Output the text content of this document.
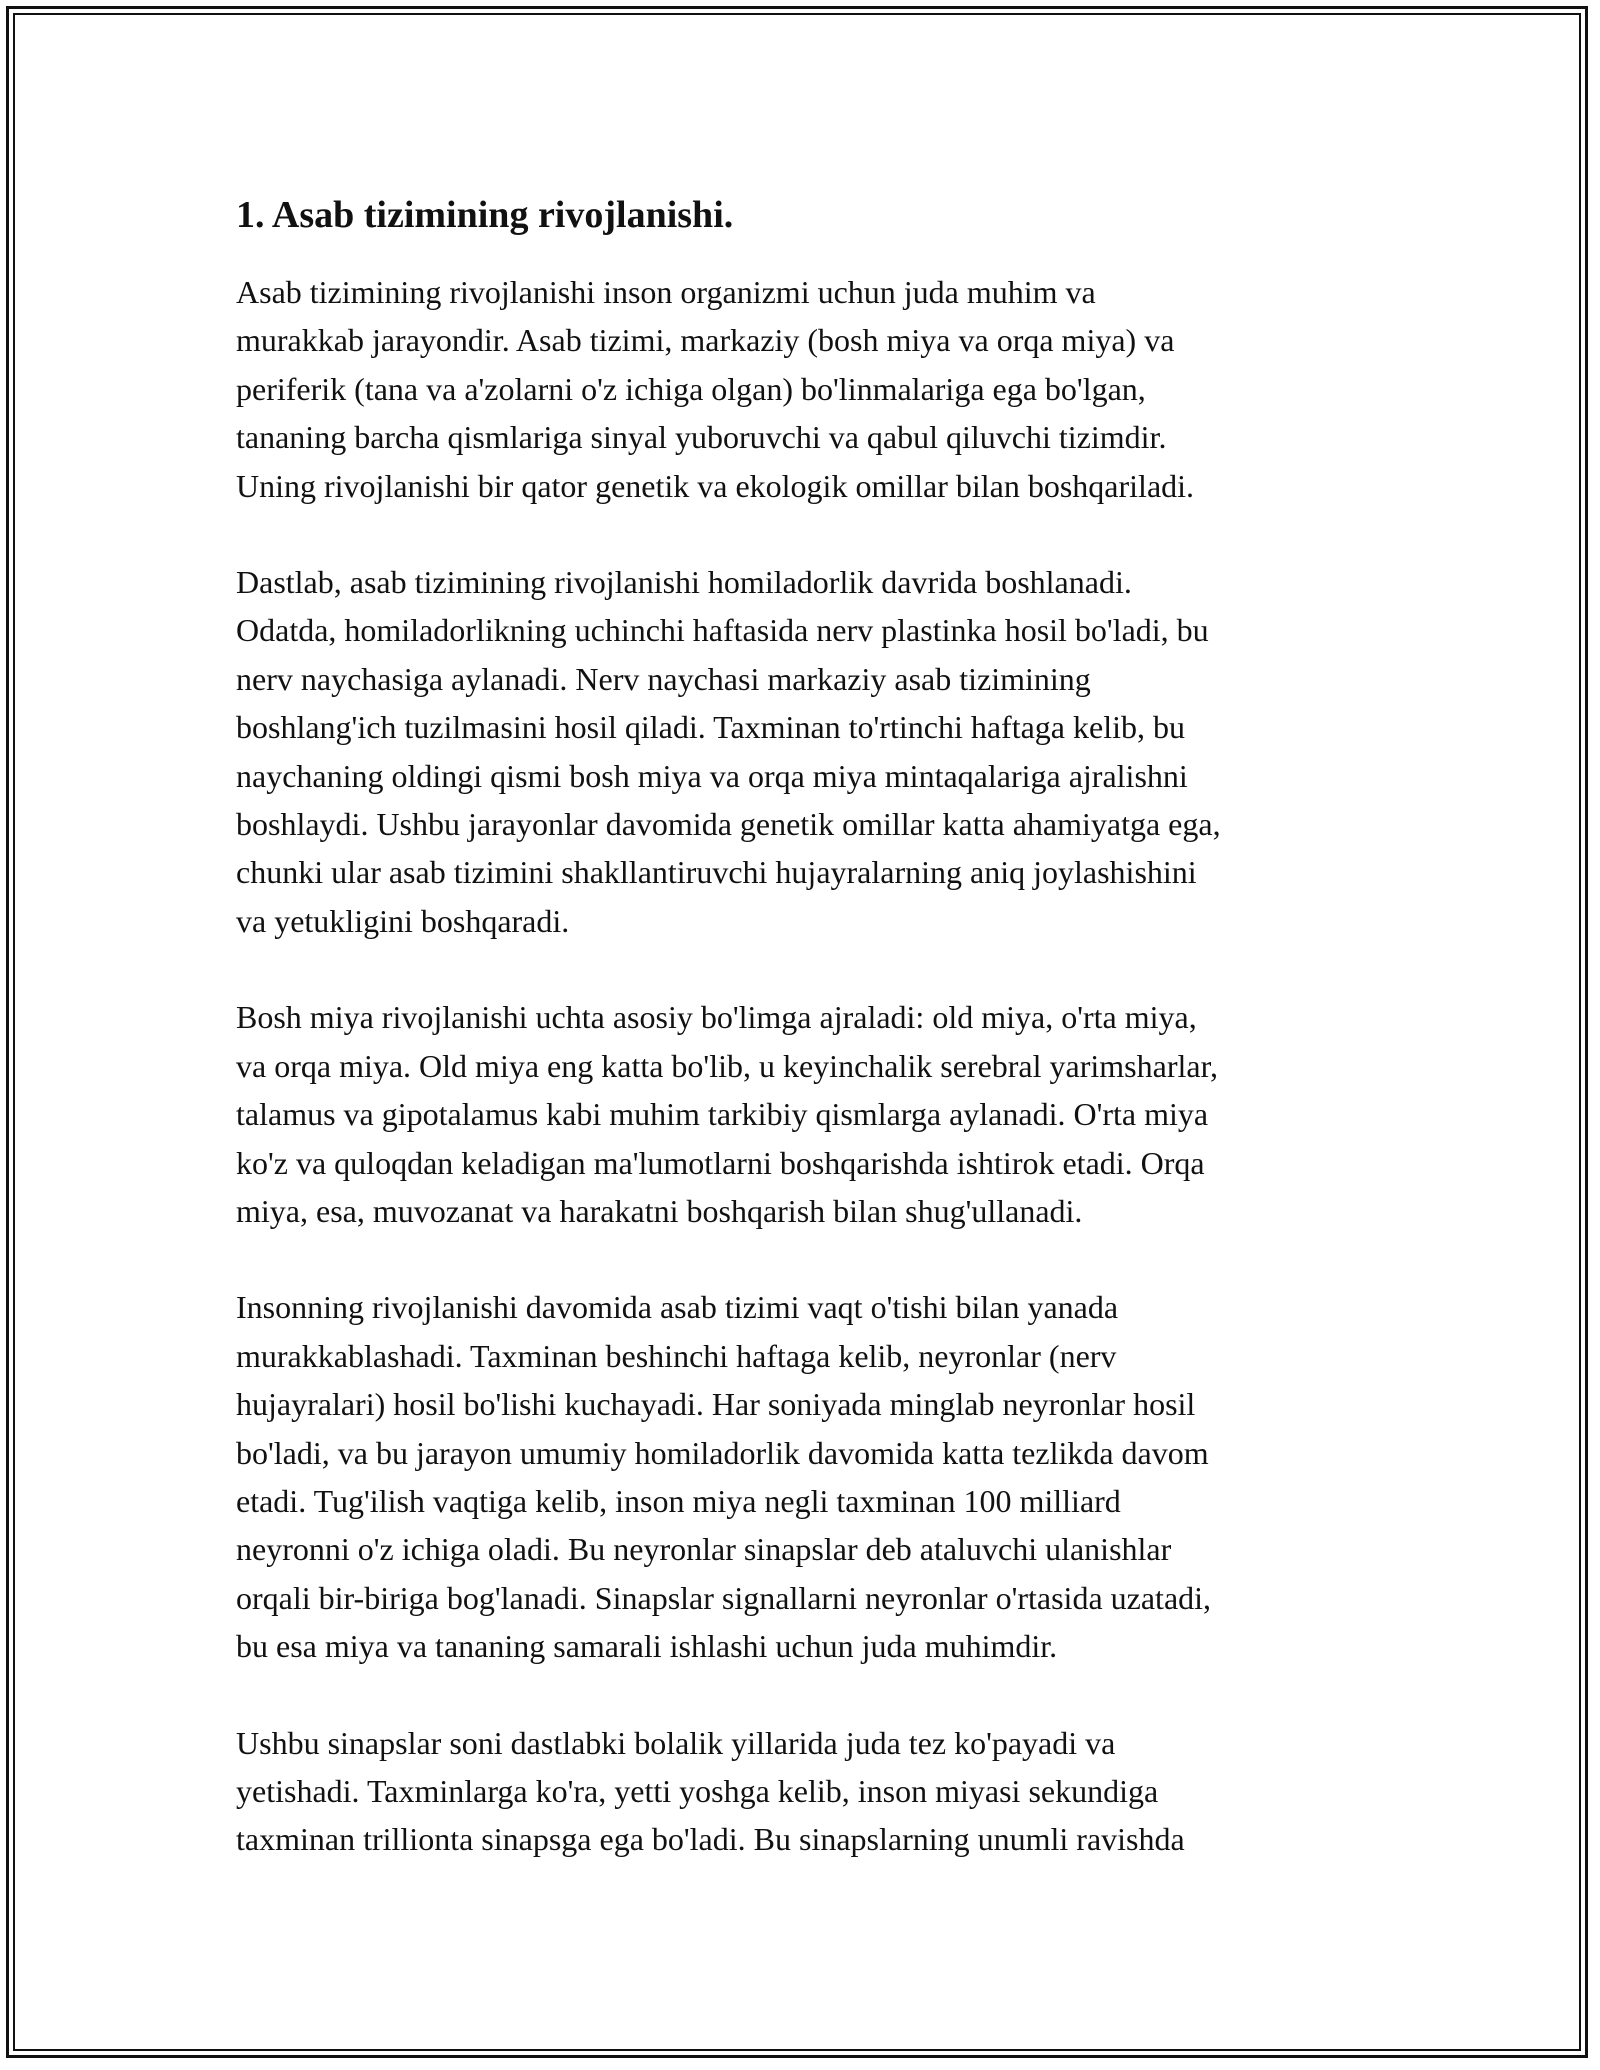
1. Asab tizimining rivojlanishi.

Asab tizimining rivojlanishi inson organizmi uchun juda muhim va
murakkab jarayondir. Asab tizimi, markaziy (bosh miya va orqa miya) va
periferik (tana va a'zolarni o'z ichiga olgan) bo'linmalariga ega bo'lgan,
tananing barcha qismlariga sinyal yuboruvchi va qabul qiluvchi tizimdir.
Uning rivojlanishi bir qator genetik va ekologik omillar bilan boshqariladi.

Dastlab, asab tizimining rivojlanishi homiladorlik davrida boshlanadi.
Odatda, homiladorlikning uchinchi haftasida nerv plastinka hosil bo'ladi, bu
nerv naychasiga aylanadi. Nerv naychasi markaziy asab tizimining
boshlang'ich tuzilmasini hosil qiladi. Taxminan to'rtinchi haftaga kelib, bu
naychaning oldingi qismi bosh miya va orqa miya mintaqalariga ajralishni
boshlaydi. Ushbu jarayonlar davomida genetik omillar katta ahamiyatga ega,
chunki ular asab tizimini shakllantiruvchi hujayralarning aniq joylashishini
va yetukligini boshqaradi.

Bosh miya rivojlanishi uchta asosiy bo'limga ajraladi: old miya, o'rta miya,
va orqa miya. Old miya eng katta bo'lib, u keyinchalik serebral yarimsharlar,
talamus va gipotalamus kabi muhim tarkibiy qismlarga aylanadi. O'rta miya
ko'z va quloqdan keladigan ma'lumotlarni boshqarishda ishtirok etadi. Orqa
miya, esa, muvozanat va harakatni boshqarish bilan shug'ullanadi.

Insonning rivojlanishi davomida asab tizimi vaqt o'tishi bilan yanada
murakkablashadi. Taxminan beshinchi haftaga kelib, neyronlar (nerv
hujayralari) hosil bo'lishi kuchayadi. Har soniyada minglab neyronlar hosil
bo'ladi, va bu jarayon umumiy homiladorlik davomida katta tezlikda davom
etadi. Tug'ilish vaqtiga kelib, inson miya negli taxminan 100 milliard
neyronni o'z ichiga oladi. Bu neyronlar sinapslar deb ataluvchi ulanishlar
orqali bir-biriga bog'lanadi. Sinapslar signallarni neyronlar o'rtasida uzatadi,
bu esa miya va tananing samarali ishlashi uchun juda muhimdir.

Ushbu sinapslar soni dastlabki bolalik yillarida juda tez ko'payadi va
yetishadi. Taxminlarga ko'ra, yetti yoshga kelib, inson miyasi sekundiga
taxminan trillionta sinapsga ega bo'ladi. Bu sinapslarning unumli ravishda
